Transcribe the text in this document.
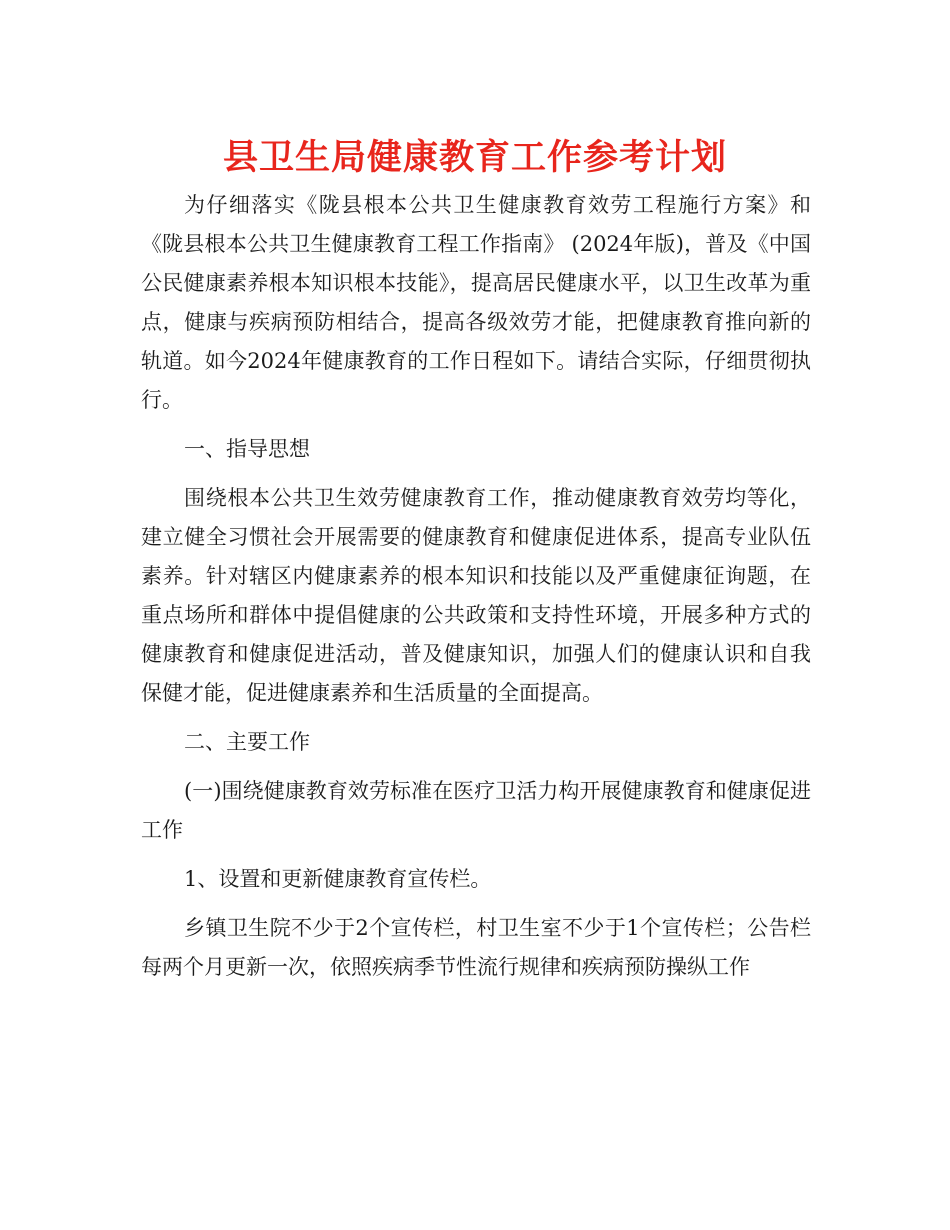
县卫生局健康教育工作参考计划

为仔细落实《陇县根本公共卫生健康教育效劳工程施行方案》和《陇县根本公共卫生健康教育工程工作指南》 (2024年版)，普及《中国公民健康素养根本知识根本技能》，提高居民健康水平，以卫生改革为重点，健康与疾病预防相结合，提高各级效劳才能，把健康教育推向新的轨道。如今2024年健康教育的工作日程如下。请结合实际，仔细贯彻执行。

一、指导思想

围绕根本公共卫生效劳健康教育工作，推动健康教育效劳均等化，建立健全习惯社会开展需要的健康教育和健康促进体系，提高专业队伍素养。针对辖区内健康素养的根本知识和技能以及严重健康征询题，在重点场所和群体中提倡健康的公共政策和支持性环境，开展多种方式的健康教育和健康促进活动，普及健康知识，加强人们的健康认识和自我保健才能，促进健康素养和生活质量的全面提高。

二、主要工作

(一)围绕健康教育效劳标准在医疗卫活力构开展健康教育和健康促进工作

1、设置和更新健康教育宣传栏。

乡镇卫生院不少于2个宣传栏，村卫生室不少于1个宣传栏；公告栏每两个月更新一次，依照疾病季节性流行规律和疾病预防操纵工作
